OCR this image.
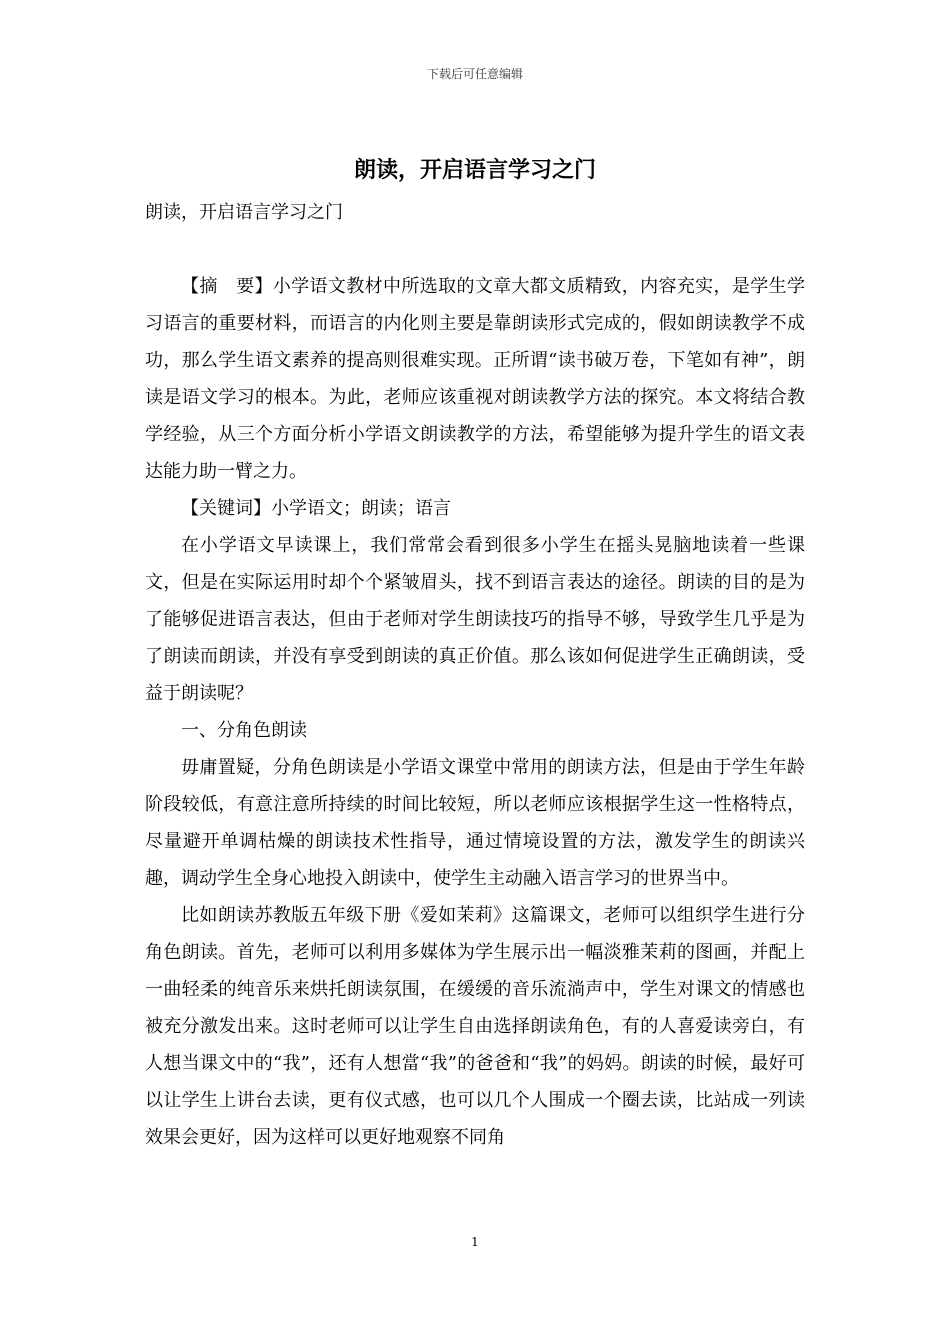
下载后可任意编辑
朗读，开启语言学习之门
朗读，开启语言学习之门

【摘　要】小学语文教材中所选取的文章大都文质精致，内容充实，是学生学习语言的重要材料，而语言的内化则主要是靠朗读形式完成的，假如朗读教学不成功，那么学生语文素养的提高则很难实现。正所谓“读书破万卷，下笔如有神”，朗读是语文学习的根本。为此，老师应该重视对朗读教学方法的探究。本文将结合教学经验，从三个方面分析小学语文朗读教学的方法，希望能够为提升学生的语文表达能力助一臂之力。

【关键词】小学语文；朗读；语言

在小学语文早读课上，我们常常会看到很多小学生在摇头晃脑地读着一些课文，但是在实际运用时却个个紧皱眉头，找不到语言表达的途径。朗读的目的是为了能够促进语言表达，但由于老师对学生朗读技巧的指导不够，导致学生几乎是为了朗读而朗读，并没有享受到朗读的真正价值。那么该如何促进学生正确朗读，受益于朗读呢？

一、分角色朗读

毋庸置疑，分角色朗读是小学语文课堂中常用的朗读方法，但是由于学生年龄阶段较低，有意注意所持续的时间比较短，所以老师应该根据学生这一性格特点，尽量避开单调枯燥的朗读技术性指导，通过情境设置的方法，激发学生的朗读兴趣，调动学生全身心地投入朗读中，使学生主动融入语言学习的世界当中。

比如朗读苏教版五年级下册《爱如茉莉》这篇课文，老师可以组织学生进行分角色朗读。首先，老师可以利用多媒体为学生展示出一幅淡雅茉莉的图画，并配上一曲轻柔的纯音乐来烘托朗读氛围，在缓缓的音乐流淌声中，学生对课文的情感也被充分激发出来。这时老师可以让学生自由选择朗读角色，有的人喜爱读旁白，有人想当课文中的“我”，还有人想當“我”的爸爸和“我”的妈妈。朗读的时候，最好可以让学生上讲台去读，更有仪式感，也可以几个人围成一个圈去读，比站成一列读效果会更好，因为这样可以更好地观察不同角

1
